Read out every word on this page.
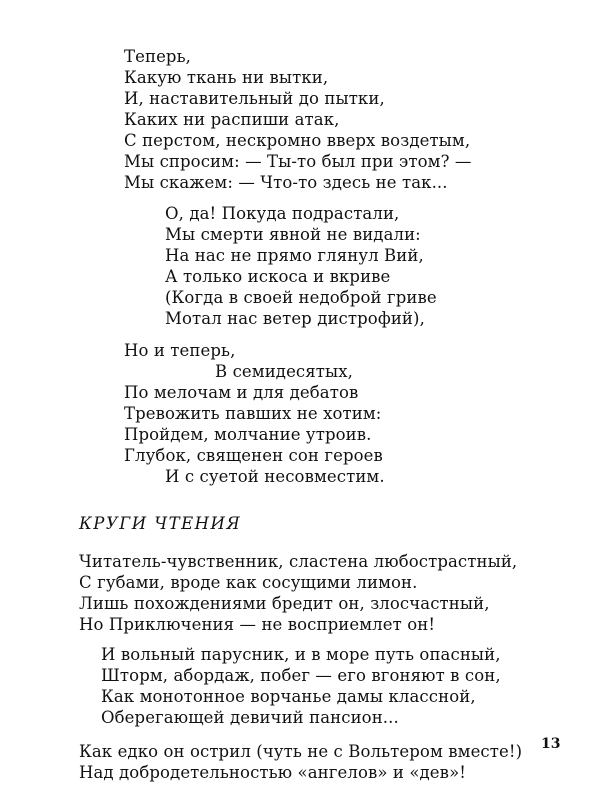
Теперь,
Какую ткань ни вытки,
И, наставительный до пытки,
Каких ни распиши атак,
С перстом, нескромно вверх воздетым,
Мы спросим: — Ты-то был при этом? —
Мы скажем: — Что-то здесь не так...
О, да! Покуда подрастали,
Мы смерти явной не видали:
На нас не прямо глянул Вий,
А только искоса и вкриве
(Когда в своей недоброй гриве
Мотал нас ветер дистрофий),
Но и теперь,
В семидесятых,
По мелочам и для дебатов
Тревожить павших не хотим:
Пройдем, молчание утроив.
Глубок, священен сон героев
И с суетой несовместим.
КРУГИ ЧТЕНИЯ
Читатель-чувственник, сластена любострастный,
С губами, вроде как сосущими лимон.
Лишь похождениями бредит он, злосчастный,
Но Приключения — не восприемлет он!
И вольный парусник, и в море путь опасный,
Шторм, абордаж, побег — его вгоняют в сон,
Как монотонное ворчанье дамы классной,
Оберегающей девичий пансион...
Как едко он острил (чуть не с Вольтером вместе!)
Над добродетельностью «ангелов» и «дев»!
13
